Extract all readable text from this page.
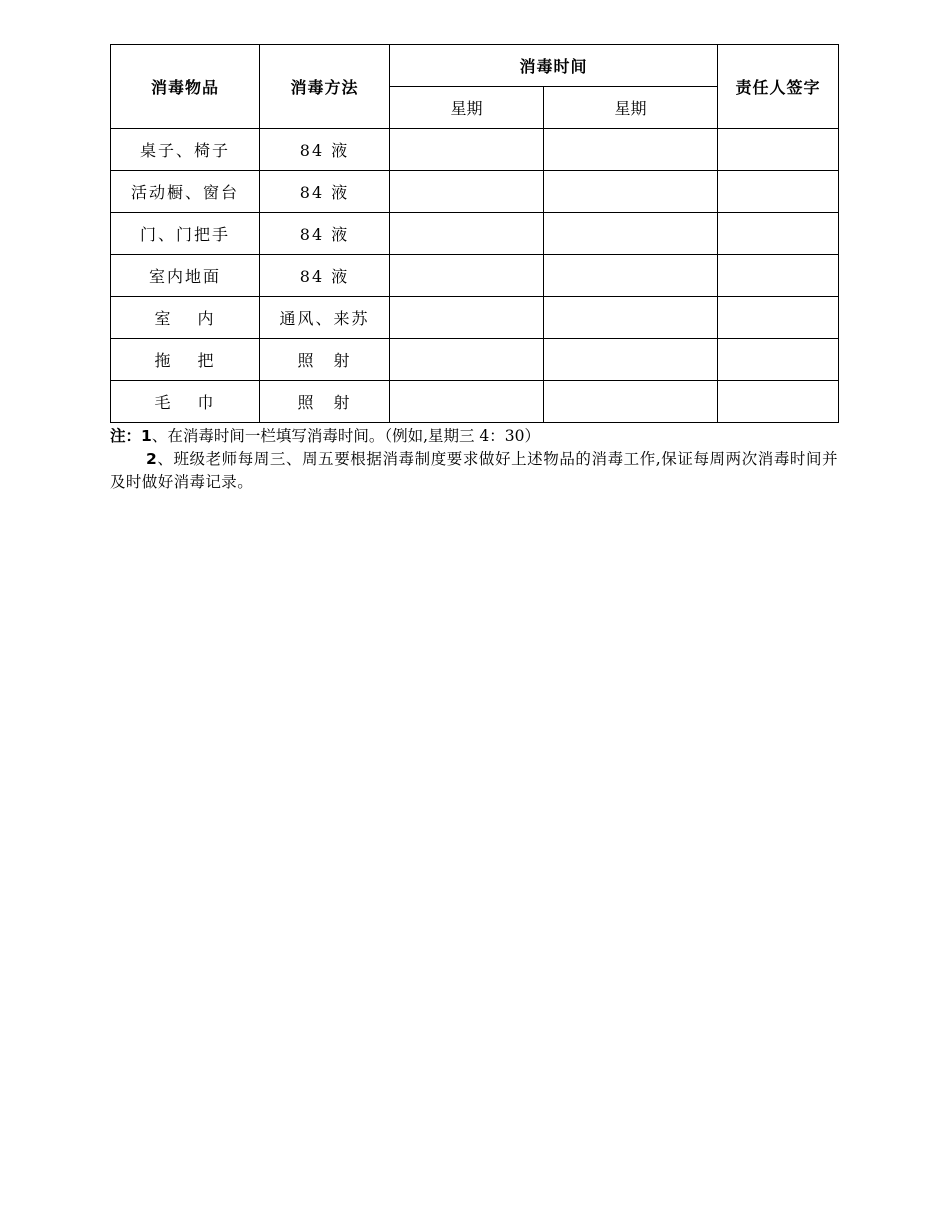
消毒物品	消毒方法	消毒时间		责任人签字
		星期	星期	
桌子、椅子	84 液			
活动橱、窗台	84 液			
门、门把手	84 液			
室内地面	84 液			
室　 内	通风、来苏			
拖　 把	照　射			
毛　 巾	照　射			
注：1、在消毒时间一栏填写消毒时间。（例如,星期三 4：30）
2、班级老师每周三、周五要根据消毒制度要求做好上述物品的消毒工作,保证每周两次消毒时间并及时做好消毒记录。
